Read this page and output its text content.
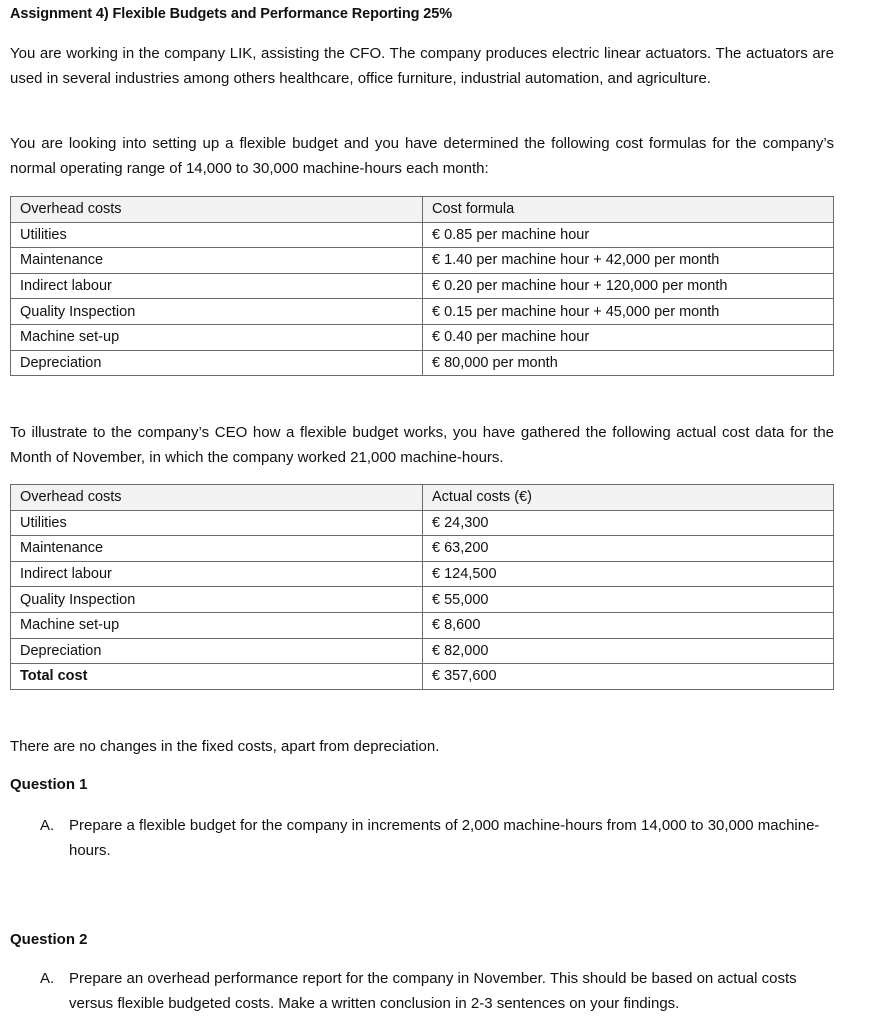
Assignment 4) Flexible Budgets and Performance Reporting 25%

You are working in the company LIK, assisting the CFO. The company produces electric linear actuators. The actuators are used in several industries among others healthcare, office furniture, industrial automation, and agriculture.

You are looking into setting up a flexible budget and you have determined the following cost formulas for the company’s normal operating range of 14,000 to 30,000 machine-hours each month:

Overhead costs	Cost formula
Utilities	€ 0.85 per machine hour
Maintenance	€ 1.40 per machine hour + 42,000 per month
Indirect labour	€ 0.20 per machine hour + 120,000 per month
Quality Inspection	€ 0.15 per machine hour + 45,000 per month
Machine set-up	€ 0.40 per machine hour
Depreciation	€ 80,000 per month

To illustrate to the company’s CEO how a flexible budget works, you have gathered the following actual cost data for the Month of November, in which the company worked 21,000 machine-hours.

Overhead costs	Actual costs (€)
Utilities	€ 24,300
Maintenance	€ 63,200
Indirect labour	€ 124,500
Quality Inspection	€ 55,000
Machine set-up	€ 8,600
Depreciation	€ 82,000
Total cost	€ 357,600

There are no changes in the fixed costs, apart from depreciation.

Question 1
A. Prepare a flexible budget for the company in increments of 2,000 machine-hours from 14,000 to 30,000 machine-hours.
Question 2
A. Prepare an overhead performance report for the company in November. This should be based on actual costs versus flexible budgeted costs. Make a written conclusion in 2-3 sentences on your findings.
